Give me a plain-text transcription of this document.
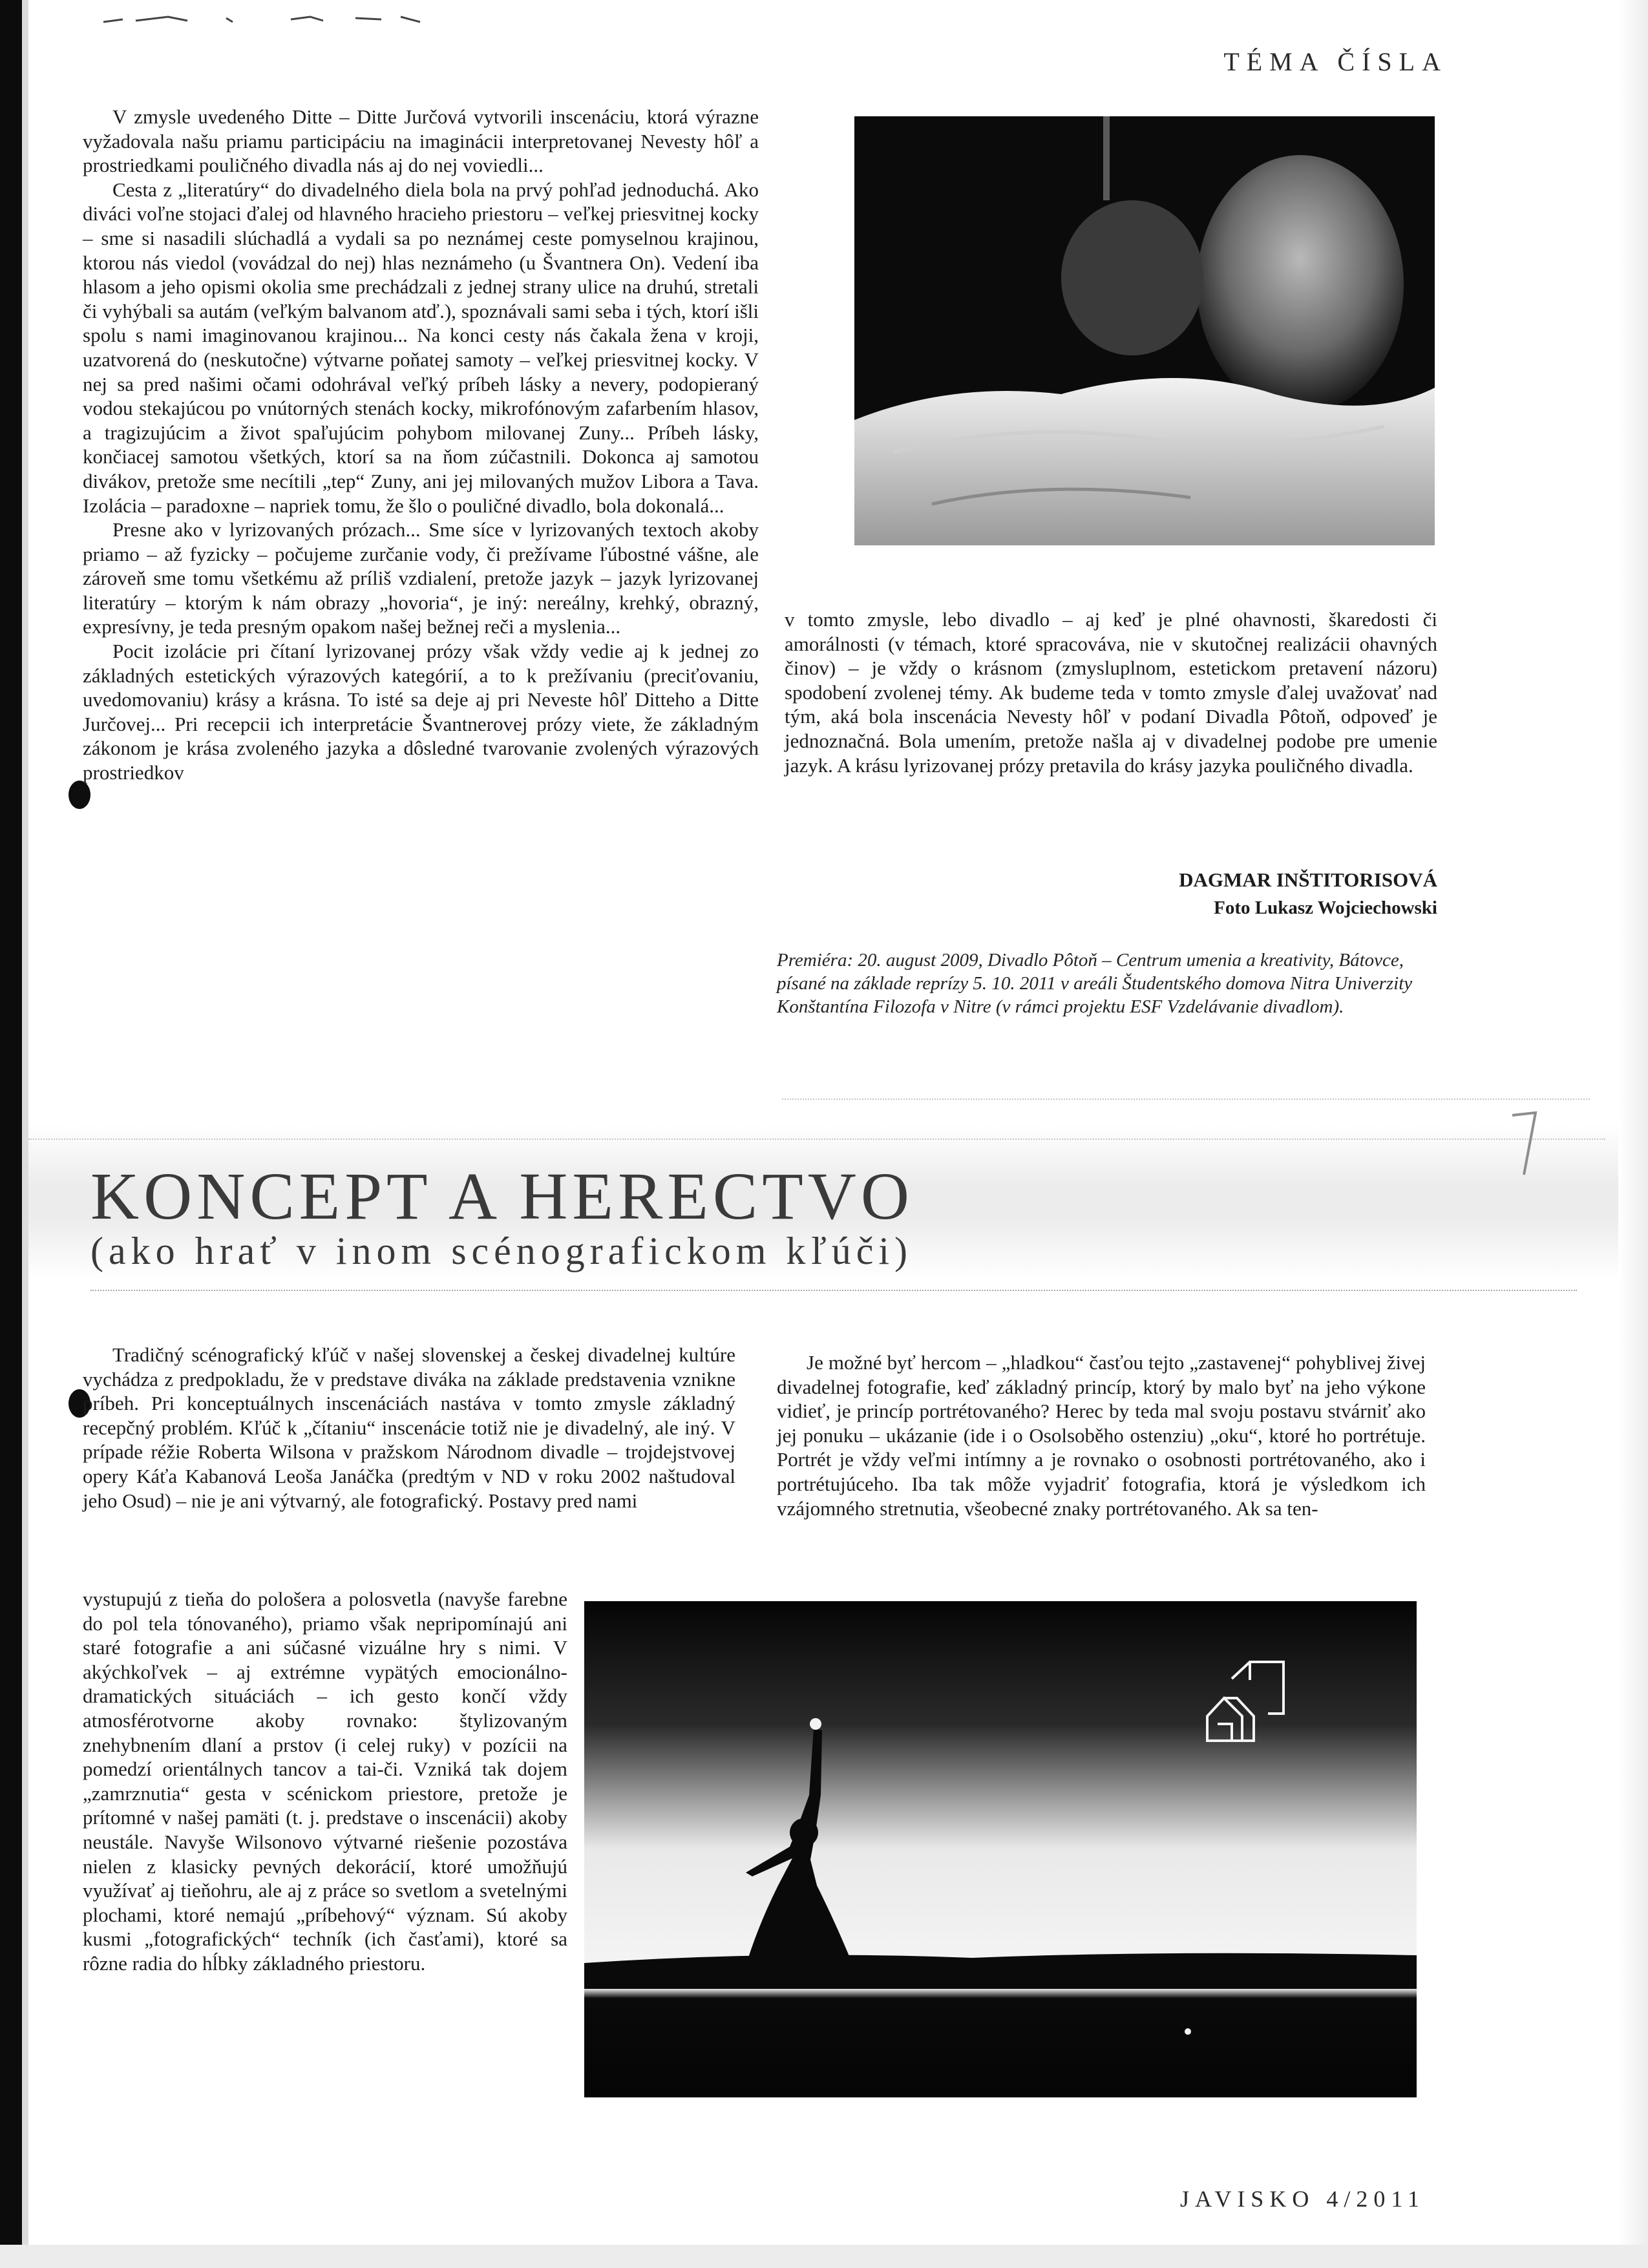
TÉMA ČÍSLA
JAVISKO 4/2011

V zmysle uvedeného Ditte – Ditte Jurčová vytvorili inscenáciu, ktorá výrazne vyžadovala našu priamu participáciu na imaginácii interpretovanej Nevesty hôľ a prostriedkami pouličného divadla nás aj do nej voviedli...

Cesta z „literatúry“ do divadelného diela bola na prvý pohľad jednoduchá. Ako diváci voľne stojaci ďalej od hlavného hracieho priestoru – veľkej priesvitnej kocky – sme si nasadili slúchadlá a vydali sa po neznámej ceste pomyselnou krajinou, ktorou nás viedol (vovádzal do nej) hlas neznámeho (u Švantnera On). Vedení iba hlasom a jeho opismi okolia sme prechádzali z jednej strany ulice na druhú, stretali či vyhýbali sa autám (veľkým balvanom atď.), spoznávali sami seba i tých, ktorí išli spolu s nami imaginovanou krajinou... Na konci cesty nás čakala žena v kroji, uzatvorená do (neskutočne) výtvarne poňatej samoty – veľkej priesvitnej kocky. V nej sa pred našimi očami odohrával veľký príbeh lásky a nevery, podopieraný vodou stekajúcou po vnútorných stenách kocky, mikrofónovým zafarbením hlasov, a tragizujúcim a život spaľujúcim pohybom milovanej Zuny... Príbeh lásky, končiacej samotou všetkých, ktorí sa na ňom zúčastnili. Dokonca aj samotou divákov, pretože sme necítili „tep“ Zuny, ani jej milovaných mužov Libora a Tava. Izolácia – paradoxne – napriek tomu, že šlo o pouličné divadlo, bola dokonalá...

Presne ako v lyrizovaných prózach... Sme síce v lyrizovaných textoch akoby priamo – až fyzicky – počujeme zurčanie vody, či prežívame ľúbostné vášne, ale zároveň sme tomu všetkému až príliš vzdialení, pretože jazyk – jazyk lyrizovanej literatúry – ktorým k nám obrazy „hovoria“, je iný: nereálny, krehký, obrazný, expresívny, je teda presným opakom našej bežnej reči a myslenia...

Pocit izolácie pri čítaní lyrizovanej prózy však vždy vedie aj k jednej zo základných estetických výrazových kategórií, a to k prežívaniu (preciťovaniu, uvedomovaniu) krásy a krásna. To isté sa deje aj pri Neveste hôľ Ditteho a Ditte Jurčovej... Pri recepcii ich interpretácie Švantnerovej prózy viete, že základným zákonom je krása zvoleného jazyka a dôsledné tvarovanie zvolených výrazových prostriedkov

v tomto zmysle, lebo divadlo – aj keď je plné ohavnosti, škaredosti či amorálnosti (v témach, ktoré spracováva, nie v skutočnej realizácii ohavných činov) – je vždy o krásnom (zmysluplnom, estetickom pretavení názoru) spodobení zvolenej témy. Ak budeme teda v tomto zmysle ďalej uvažovať nad tým, aká bola inscenácia Nevesty hôľ v podaní Divadla Pôtoň, odpoveď je jednoznačná. Bola umením, pretože našla aj v divadelnej podobe pre umenie jazyk. A krásu lyrizovanej prózy pretavila do krásy jazyka pouličného divadla.

DAGMAR INŠTITORISOVÁ
Foto Lukasz Wojciechowski
Premiéra: 20. august 2009, Divadlo Pôtoň – Centrum umenia a kreativity, Bátovce, písané na základe reprízy 5. 10. 2011 v areáli Študentského domova Nitra Univerzity Konštantína Filozofa v Nitre (v rámci projektu ESF Vzdelávanie divadlom).
7
KONCEPT A HERECTVO
(ako hrať v inom scénografickom kľúči)

Tradičný scénografický kľúč v našej slovenskej a českej divadelnej kultúre vychádza z predpokladu, že v predstave diváka na základe predstavenia vznikne príbeh. Pri konceptuálnych inscenáciách nastáva v tomto zmysle základný recepčný problém. Kľúč k „čítaniu“ inscenácie totiž nie je divadelný, ale iný. V prípade réžie Roberta Wilsona v pražskom Národnom divadle – trojdejstvovej opery Káťa Kabanová Leoša Janáčka (predtým v ND v roku 2002 naštudoval jeho Osud) – nie je ani výtvarný, ale fotografický. Postavy pred nami

vystupujú z tieňa do pološera a polosvetla (navyše farebne do pol tela tónovaného), priamo však nepripomínajú ani staré fotografie a ani súčasné vizuálne hry s nimi. V akýchkoľvek – aj extrémne vypätých emocionálno-dramatických situáciách – ich gesto končí vždy atmosférotvorne akoby rovnako: štylizovaným znehybnením dlaní a prstov (i celej ruky) v pozícii na pomedzí orientálnych tancov a tai-či. Vzniká tak dojem „zamrznutia“ gesta v scénickom priestore, pretože je prítomné v našej pamäti (t. j. predstave o inscenácii) akoby neustále. Navyše Wilsonovo výtvarné riešenie pozostáva nielen z klasicky pevných dekorácií, ktoré umožňujú využívať aj tieňohru, ale aj z práce so svetlom a svetelnými plochami, ktoré nemajú „príbehový“ význam. Sú akoby kusmi „fotografických“ techník (ich časťami), ktoré sa rôzne radia do hĺbky základného priestoru.

Je možné byť hercom – „hladkou“ časťou tejto „zastavenej“ pohyblivej živej divadelnej fotografie, keď základný princíp, ktorý by malo byť na jeho výkone vidieť, je princíp portrétovaného? Herec by teda mal svoju postavu stvárniť ako jej ponuku – ukázanie (ide i o Osolsoběho ostenziu) „oku“, ktoré ho portrétuje. Portrét je vždy veľmi intímny a je rovnako o osobnosti portrétovaného, ako i portrétujúceho. Iba tak môže vyjadriť fotografia, ktorá je výsledkom ich vzájomného stretnutia, všeobecné znaky portrétovaného. Ak sa ten-
